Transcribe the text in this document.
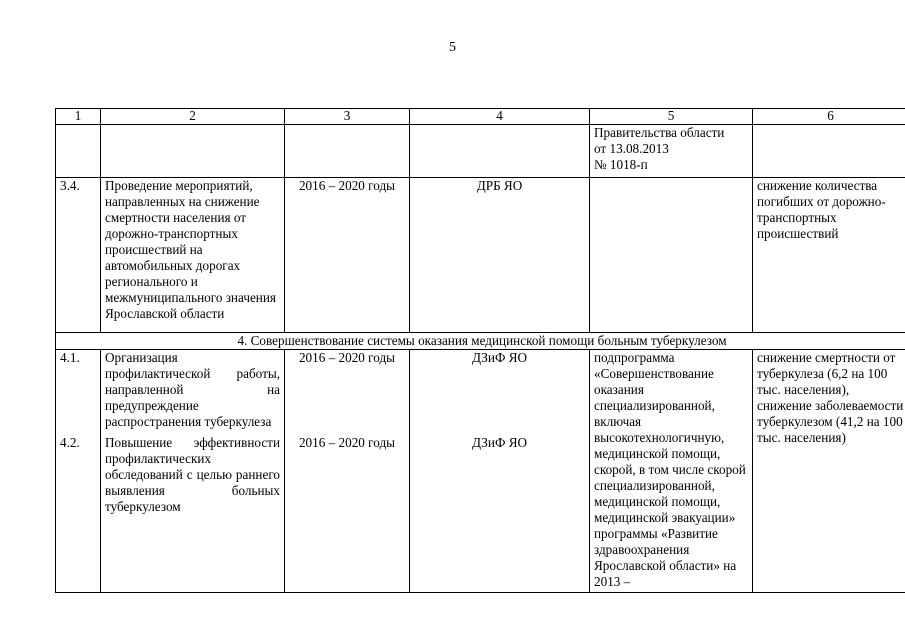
5
1	2	3	4	5	6
				Правительства области
от 13.08.2013
№ 1018-п	
3.4.	Проведение мероприятий, направленных на снижение смертности населения от дорожно-транспортных происшествий на автомобильных дорогах регионального и межмуниципального значения Ярославской области	2016 – 2020 годы	ДРБ ЯО		снижение количества погибших от дорожно-транспортных происшествий
4. Совершенствование системы оказания медицинской помощи больным туберкулезом					
4.1.	Организация профилактической работы, направленной на предупреждение распространения туберкулеза	2016 – 2020 годы	ДЗиФ ЯО	подпрограмма «Совершенствование оказания специализированной, включая высокотехнологичную, медицинской помощи, скорой, в том числе скорой специализированной, медицинской помощи, медицинской эвакуации» программы «Развитие здравоохранения Ярославской области» на 2013 –	снижение смертности от туберкулеза (6,2 на 100 тыс. населения), снижение заболеваемости туберкулезом (41,2 на 100 тыс. населения)
4.2.	Повышение эффективности профилактических обследований с целью раннего выявления больных туберкулезом	2016 – 2020 годы	ДЗиФ ЯО		
